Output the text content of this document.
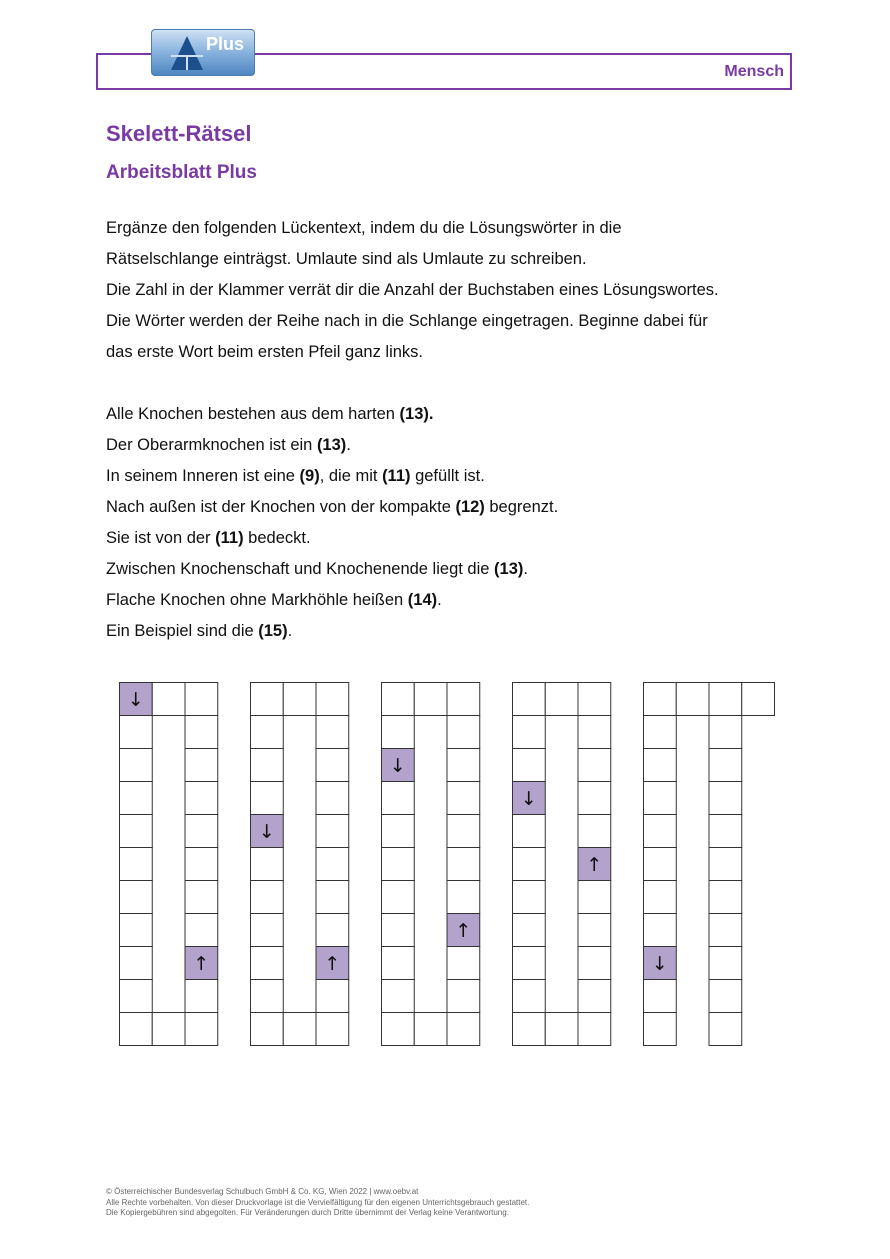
Plus
Mensch
Skelett-Rätsel
Arbeitsblatt Plus

Ergänze den folgenden Lückentext, indem du die Lösungswörter in die

Rätselschlange einträgst. Umlaute sind als Umlaute zu schreiben.

Die Zahl in der Klammer verrät dir die Anzahl der Buchstaben eines Lösungswortes.

Die Wörter werden der Reihe nach in die Schlange eingetragen. Beginne dabei für

das erste Wort beim ersten Pfeil ganz links.

Alle Knochen bestehen aus dem harten (13).

Der Oberarmknochen ist ein (13).

In seinem Inneren ist eine (9), die mit (11) gefüllt ist.

Nach außen ist der Knochen von der kompakte (12) begrenzt.

Sie ist von der (11) bedeckt.

Zwischen Knochenschaft und Knochenende liegt die (13).

Flache Knochen ohne Markhöhle heißen (14).

Ein Beispiel sind die (15).

↓
↑
↓
↑
↓
↑
↓
↑
↓

© Österreichischer Bundesverlag Schulbuch GmbH & Co. KG, Wien 2022 | www.oebv.at

Alle Rechte vorbehalten. Von dieser Druckvorlage ist die Vervielfältigung für den eigenen Unterrichtsgebrauch gestattet.

Die Kopiergebühren sind abgegolten. Für Veränderungen durch Dritte übernimmt der Verlag keine Verantwortung.
